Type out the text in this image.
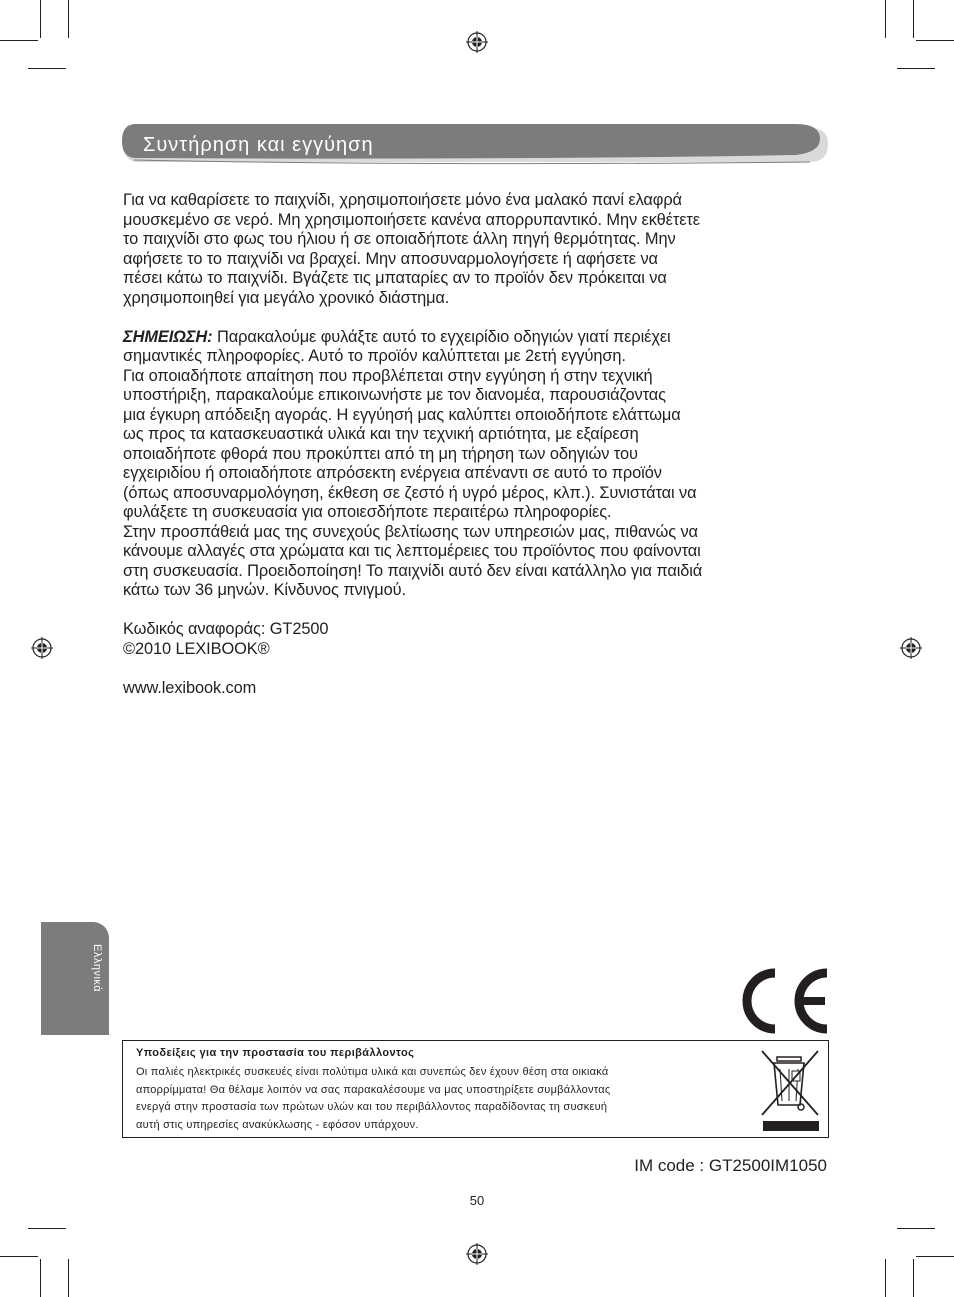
Συντήρηση και εγγύηση

Για να καθαρίσετε το παιχνίδι, χρησιμοποιήσετε μόνο ένα μαλακό πανί ελαφρά

μουσκεμένο σε νερό. Μη χρησιμοποιήσετε κανένα απορρυπαντικό. Μην εκθέτετε

το παιχνίδι στο φως του ήλιου ή σε οποιαδήποτε άλλη πηγή θερμότητας. Μην

αφήσετε το το παιχνίδι να βραχεί. Μην αποσυναρμολογήσετε ή αφήσετε να

πέσει κάτω το παιχνίδι. Βγάζετε τις μπαταρίες αν το προϊόν δεν πρόκειται να

χρησιμοποιηθεί για μεγάλο χρονικό διάστημα.

ΣΗΜΕΙΩΣΗ: Παρακαλούμε φυλάξτε αυτό το εγχειρίδιο οδηγιών γιατί περιέχει

σημαντικές πληροφορίες. Αυτό το προϊόν καλύπτεται με 2ετή εγγύηση.

Για οποιαδήποτε απαίτηση που προβλέπεται στην εγγύηση ή στην τεχνική

υποστήριξη, παρακαλούμε επικοινωνήστε με τον διανομέα, παρουσιάζοντας

μια έγκυρη απόδειξη αγοράς. Η εγγύησή μας καλύπτει οποιοδήποτε ελάττωμα

ως προς τα κατασκευαστικά υλικά και την τεχνική αρτιότητα, με εξαίρεση

οποιαδήποτε φθορά που προκύπτει από τη μη τήρηση των οδηγιών του

εγχειριδίου ή οποιαδήποτε απρόσεκτη ενέργεια απέναντι σε αυτό το προϊόν

(όπως αποσυναρμολόγηση, έκθεση σε ζεστό ή υγρό μέρος, κλπ.). Συνιστάται να

φυλάξετε τη συσκευασία για οποιεσδήποτε περαιτέρω πληροφορίες.

Στην προσπάθειά μας της συνεχούς βελτίωσης των υπηρεσιών μας, πιθανώς να

κάνουμε αλλαγές στα χρώματα και τις λεπτομέρειες του προϊόντος που φαίνονται

στη συσκευασία. Προειδοποίηση! Το παιχνίδι αυτό δεν είναι κατάλληλο για παιδιά

κάτω των 36 μηνών. Κίνδυνος πνιγμού.

Κωδικός αναφοράς: GT2500

©2010 LEXIBOOK®

www.lexibook.com

Ελληνικά
Υποδείξεις για την προστασία του περιβάλλοντος

Οι παλιές ηλεκτρικές συσκευές είναι πολύτιμα υλικά και συνεπώς δεν έχουν θέση στα οικιακά

απορρίμματα! Θα θέλαμε λοιπόν να σας παρακαλέσουμε να μας υποστηρίξετε συμβάλλοντας

ενεργά στην προστασία των πρώτων υλών και του περιβάλλοντος παραδίδοντας τη συσκευή

αυτή στις υπηρεσίες ανακύκλωσης - εφόσον υπάρχουν.

IM code : GT2500IM1050
50
